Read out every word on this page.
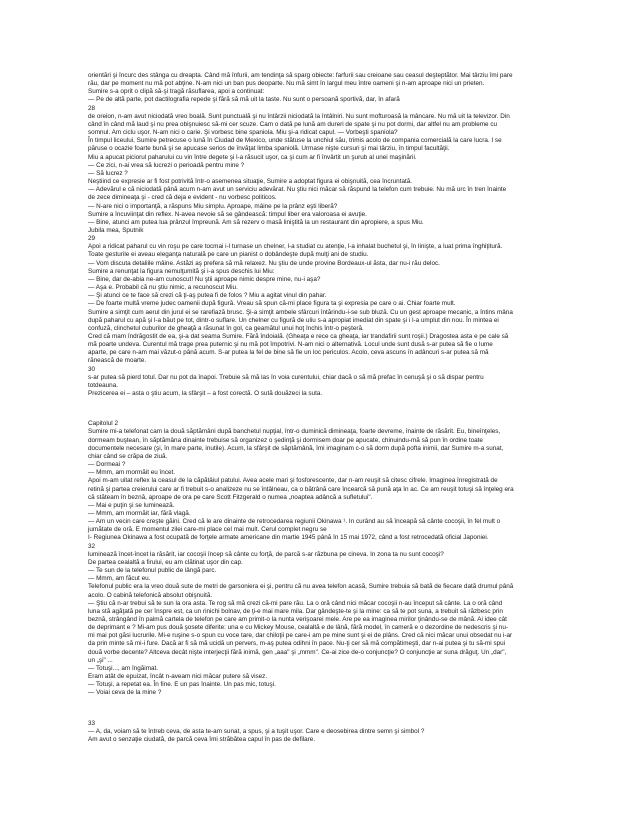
orientări şi încurc des stânga cu dreapta. Când mă înfurii, am tendinţa să sparg obiecte: farfurii sau creioane sau ceasul deşteptător. Mai târziu îmi pare
rău, dar pe moment nu mă pot abţine. N-am nici un ban pus deoparte. Nu mă simt în largul meu între oameni şi n-am aproape nici un prieten.
Sumire s-a oprit o clipă să-şi tragă răsuflarea, apoi a continuat:
— Pe de altă parte, pot dactilografia repede şi fără să mă uit la taste. Nu sunt o persoană sportivă, dar, în afară
28
de oreion, n-am avut niciodată vreo boală. Sunt punctuală şi nu întârzii niciodată la întâlniri. Nu sunt mofturoasă la mâncare. Nu mă uit la televizor. Din
când în când mă laud şi nu prea obişnuiesc să-mi cer scuze. Cam o dată pe lună am dureri de spate şi nu pot dormi, dar altfel nu am probleme cu
somnul. Am ciclu uşor. N-am nici o carie. Şi vorbesc bine spaniola. Miu şi-a ridicat capul. — Vorbeşti spaniola?
În timpul liceului, Sumire petrecuse o lună în Ciudad de Mexico, unde stătuse la unchiul său, trimis acolo de compania comercială la care lucra. I se
păruse o ocazie foarte bună şi se apucase serios de învăţat limba spaniolă. Urmase nişte cursuri şi mai târziu, în timpul facultăţii.
Miu a apucat piciorul paharului cu vin între degete şi l-a răsucit uşor, ca şi cum ar fi învârtit un şurub al unei maşinării.
— Ce zici, n-ai vrea să lucrezi o perioadă pentru mine ?
— Să lucrez ?
Neştiind ce expresie ar fi fost potrivită într-o asemenea situaţie, Sumire a adoptat figura ei obişnuită, cea încruntată.
— Adevărul e că niciodată până acum n-am avut un serviciu adevărat. Nu ştiu nici măcar să răspund la telefon cum trebuie. Nu mă urc în tren înainte
de zece dimineaţa şi - cred că deja e evident - nu vorbesc politicos.
— N-are nici o importanţă, a răspuns Miu simplu. Aproape, mâine pe la prânz eşti liberă?
Sumire a încuviinţat din reflex. N-avea nevoie să se gândească: timpul liber era valoroasa ei avuţie.
— Bine, atunci am putea lua prânzul împreună. Am să rezerv o masă liniştită la un restaurant din apropiere, a spus Miu.
Jubila mea, Sputnik
29
Apoi a ridicat paharul cu vin roşu pe care tocmai i-l turnase un chelner, l-a studiat cu atenţie, l-a inhalat buchetul şi, în linişte, a luat prima înghiţitură.
Toate gesturile ei aveau eleganţa naturală pe care un pianist o dobândeşte după mulţi ani de studiu.
— Vom discuta detaliile mâine. Astăzi aş prefera să mă relaxez. Nu ştiu de unde provine Bordeaux-ul ăsta, dar nu-i rău deloc.
Sumire a renunţat la figura nemulţumită şi i-a spus deschis lui Miu:
— Bine, dar de-abia ne-am cunoscut! Nu ştii aproape nimic despre mine, nu-i aşa?
— Aşa e. Probabil că nu ştiu nimic, a recunoscut Miu.
— Şi atunci ce te face să crezi că ţi-aş putea fi de folos ? Miu a agitat vinul din pahar.
— De foarte multă vreme judec oamenii după figură. Vreau să spun că-mi place figura ta şi expresia pe care o ai. Chiar foarte mult.
Sumire a simţit cum aerul din jurul ei se rarefiază brusc. Şi-a simţit ambele sfârcuri întărindu-i-se sub bluză. Cu un gest aproape mecanic, a întins mâna
după paharul cu apă şi l-a băut pe tot, dintr-o suflare. Un chelner cu figură de uliu s-a apropiat imediat din spate şi i l-a umplut din nou. În mintea ei
confuză, clinchetul cuburilor de gheaţă a răsunat în gol, ca geamătul unui hoţ închis într-o peşteră.
Cred că mam îndrăgostit de ea, şi-a dat seama Sumire. Fără îndoială. (Gheaţa e rece ca gheaţa, iar trandafirii sunt roşii.) Dragostea asta e pe cale să
mă poarte undeva. Curentul mă trage prea puternic şi nu mă pot împotrivi. N-am nici o alternativă. Locul unde sunt dusă s-ar putea să fie o lume
aparte, pe care n-am mai văzut-o până acum. S-ar putea la fel de bine să fie un loc periculos. Acolo, ceva ascuns în adâncuri s-ar putea să mă
rănească de moarte.
30
s-ar putea să pierd totul. Dar nu pot da înapoi. Trebuie să mă las în voia curentului, chiar dacă o să mă prefac în cenuşă şi o să dispar pentru
totdeauna.
Prezicerea ei – asta o ştiu acum, la sfârşit – a fost corectă. O sută douăzeci la suta.
Capitolul 2
Sumire mi-a telefonat cam la două săptămâni după banchetul nupţial, într-o duminică dimineaţa, foarte devreme, înainte de răsărit. Eu, bineînţeles,
dormeam buştean, în săptămâna dinainte trebuise să organizez o şedinţă şi dormisem doar pe apucate, chinuindu-mă să pun în ordine toate
documentele necesare (şi, în mare parte, inutile). Acum, la sfârşit de săptămână, îmi imaginam c-o să dorm după pofta inimii, dar Sumire m-a sunat,
chiar când se crăpa de ziuă.
— Dormeai ?
— Mmm, am mormăit eu încet.
Apoi m-am uitat reflex la ceasul de la căpătâiul patului. Avea acele mari şi fosforescente, dar n-am reuşit să citesc cifrele. Imaginea înregistrată de
retină şi partea creierului care ar fi trebuit s-o analizeze nu se întâlneau, ca o bătrână care încearcă să pună aţa în ac. Ce am reuşit totuşi să înţeleg era
că stăteam în beznă, aproape de ora pe care Scott Fitzgerald o numea „noaptea adâncă a sufletului".
— Mai e puţin şi se luminează.
— Mmm, am mormăit iar, fără vlagă.
— Am un vecin care creşte găini. Cred că le are dinainte de retrocedarea regiunii Okinawa ¹. In curând au să înceapă să cânte cocoşii, în fel mult o
jumătate de oră. E momentul zilei care-mi place cel mai mult. Cerul complet negru se
I- Regiunea Okinawa a fost ocupată de forţele armate americane din martie 1945 până în 15 mai 1972, când a fost retrocedată oficial Japoniei.
32
luminează încet-încet la răsărit, iar cocoşii încep să cânte cu forţă, de parcă s-ar răzbuna pe cineva. In zona ta nu sunt cocoşi?
De partea cealaltă a firului, eu am clătinat uşor din cap.
— Te sun de la telefonul public de lângă parc.
— Mmm, am făcut eu.
Telefonul public era la vreo două sute de metri de garsoniera ei şi, pentru că nu avea telefon acasă, Sumire trebuia să bată de fiecare dată drumul până
acolo. O cabină telefonică absolut obişnuită.
— Ştiu că n-ar trebui să te sun la ora asta. Te rog să mă crezi că-mi pare rău. La o oră când nici măcar cocoşii n-au început să cânte. La o oră când
luna stă agăţată pe cer înspre est, ca un rinichi bolnav, de ţi-e mai mare mila. Dar gândeşte-te şi la mine: ca să te pot suna, a trebuit să răzbesc prin
beznă, strângând în palmă cartela de telefon pe care am primit-o la nunta verişoarei mele. Are pe ea imaginea mirilor ţinându-se de mână. Ai idee cât
de deprimant e ? Mi-am pus două şosete diferite: una e cu Mickey Mouse, cealaltă e de lână, fără model, în cameră e o dezordine de nedescris şi nu-
mi mai pot găsi lucrurile. Mi-e ruşine s-o spun cu voce tare, dar chiloţii pe care-i am pe mine sunt şi ei de plâns. Cred că nici măcar unui obsedat nu i-ar
da prin minte să mi-i fure. Dacă ar fi să mă ucidă un pervers, m-aş putea odihni în pace. Nu-ţi cer să mă compătimeşti, dar n-ai putea şi tu să-mi spui
două vorbe decente? Altceva decât nişte interjecţii fără inimă, gen „aaa" şi „mmm". Ce-ai zice de-o conjuncţie? O conjuncţie ar suna drăguţ. Un „dar",
un „şi" ...
— Totuşi..., am îngăimat.
Eram atât de epuizat, încât n-aveam nici măcar putere să visez.
— Totuşi, a repetat ea. În fine. E un pas înainte. Un pas mic, totuşi.
— Voiai ceva de la mine ?
33
— A, da, voiam să te întreb ceva, de asta te-am sunat, a spus, şi a tuşit uşor. Care e deosebirea dintre semn şi simbol ?
Am avut o senzaţie ciudată, de parcă ceva îmi străbătea capul în pas de defilare.
